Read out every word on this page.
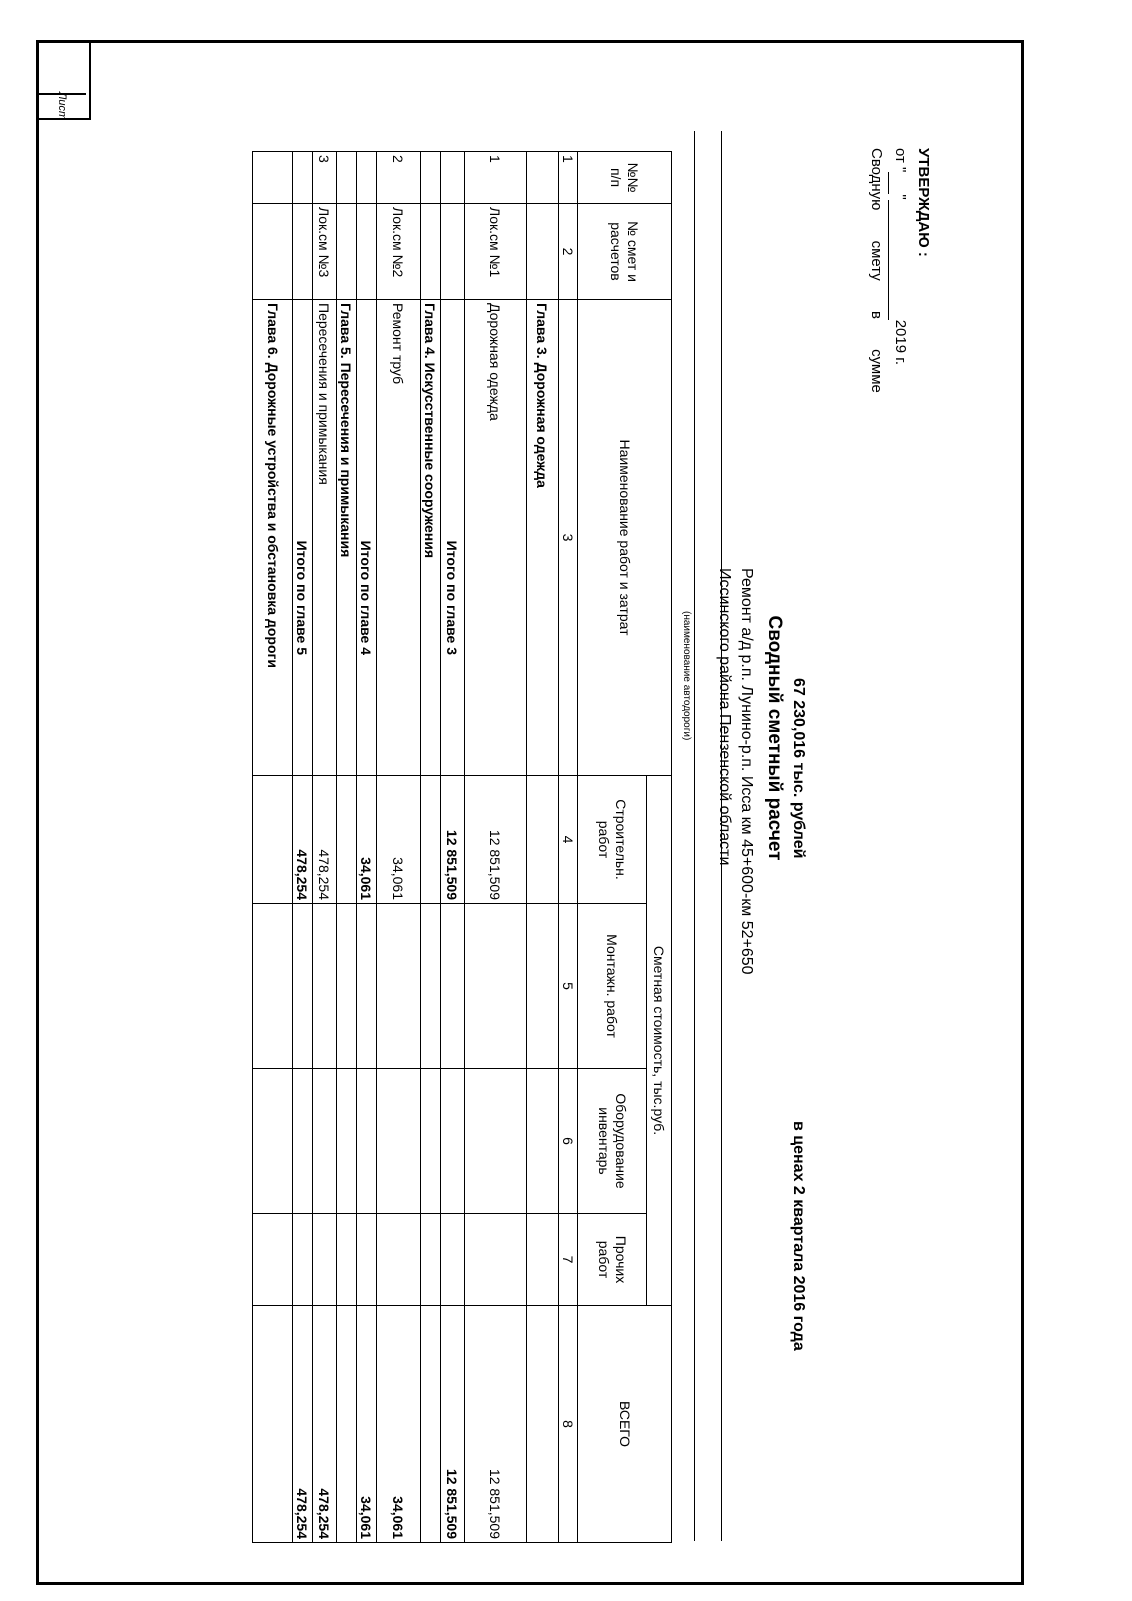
Лист
УТВЕРЖДАЮ :
от ""2019 г.
Сводную смету в сумме
67 230,016 тыс. рублей
в ценах 2 квартала 2016 года
Сводный сметный расчет
Ремонт а/д р.п. Лунино-р.п. Исса км 45+600-км 52+650
Иссинского района Пензенской области
(наименование автодороги)
№№ п/п	№ смет и расчетов	Наименование работ и затрат	Сметная стоимость, тыс.руб.				ВСЕГО
			Строительн. работ	Монтажн. работ	Оборудование инвентарь	Прочих работ	
1	2	3	4	5	6	7	8
		Глава 3. Дорожная одежда					
1	Лок.см №1	Дорожная одежда	12 851,509				12 851,509
		Итого по главе 3	12 851,509				12 851,509
		Глава 4. Искусственные сооружения					
2	Лок.см №2	Ремонт труб	34,061				34,061
		Итого по главе 4	34,061				34,061
		Глава 5. Пересечения и примыкания					
3	Лок.см №3	Пересечения и примыкания	478,254				478,254
		Итого по главе 5	478,254				478,254
		Глава 6. Дорожные устройства и обстановка дороги					
